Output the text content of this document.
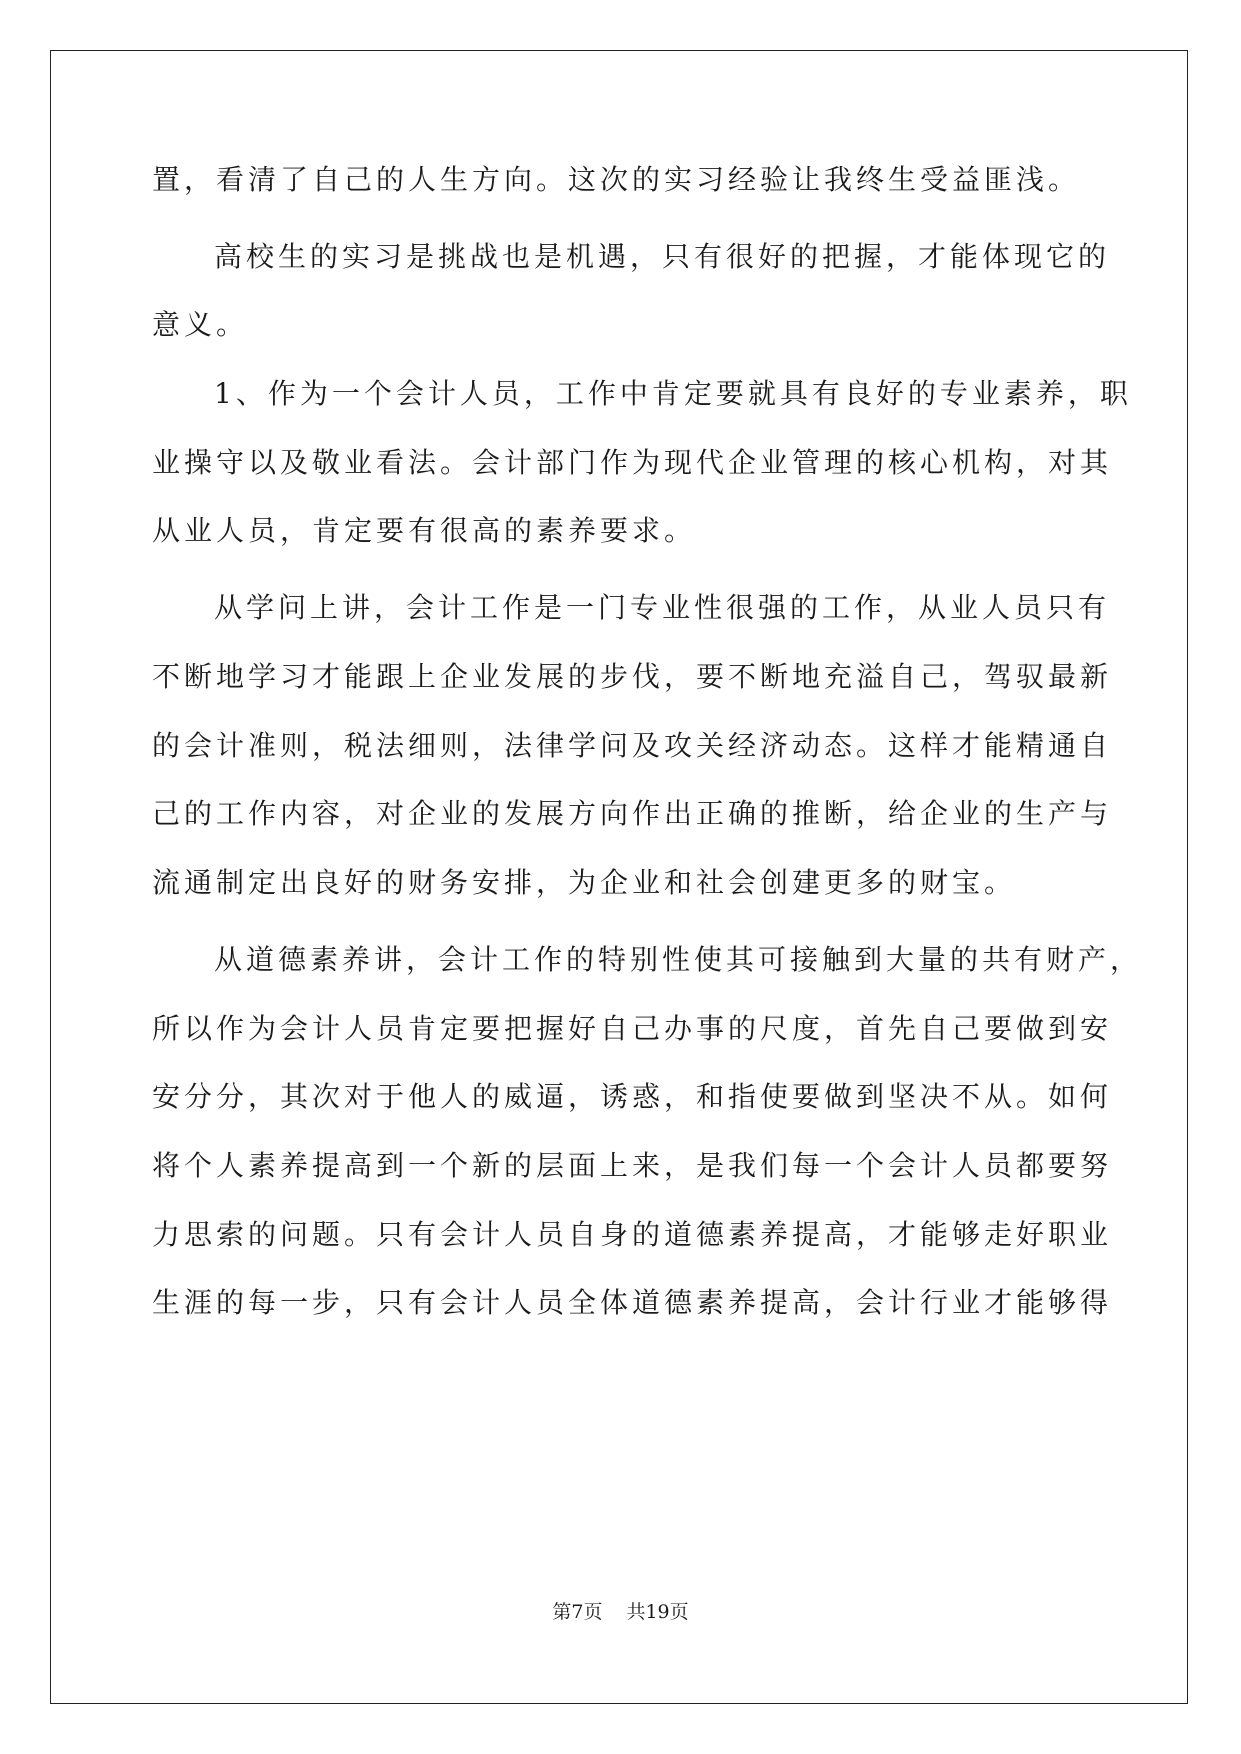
置，看清了自己的人生方向。这次的实习经验让我终生受益匪浅。
高校生的实习是挑战也是机遇，只有很好的把握，才能体现它的
意义。
1、作为一个会计人员，工作中肯定要就具有良好的专业素养，职
业操守以及敬业看法。会计部门作为现代企业管理的核心机构，对其
从业人员，肯定要有很高的素养要求。
从学问上讲，会计工作是一门专业性很强的工作，从业人员只有
不断地学习才能跟上企业发展的步伐，要不断地充溢自己，驾驭最新
的会计准则，税法细则，法律学问及攻关经济动态。这样才能精通自
己的工作内容，对企业的发展方向作出正确的推断，给企业的生产与
流通制定出良好的财务安排，为企业和社会创建更多的财宝。
从道德素养讲，会计工作的特别性使其可接触到大量的共有财产，
所以作为会计人员肯定要把握好自己办事的尺度，首先自己要做到安
安分分，其次对于他人的威逼，诱惑，和指使要做到坚决不从。如何
将个人素养提高到一个新的层面上来，是我们每一个会计人员都要努
力思索的问题。只有会计人员自身的道德素养提高，才能够走好职业
生涯的每一步，只有会计人员全体道德素养提高，会计行业才能够得
第7页 共19页
